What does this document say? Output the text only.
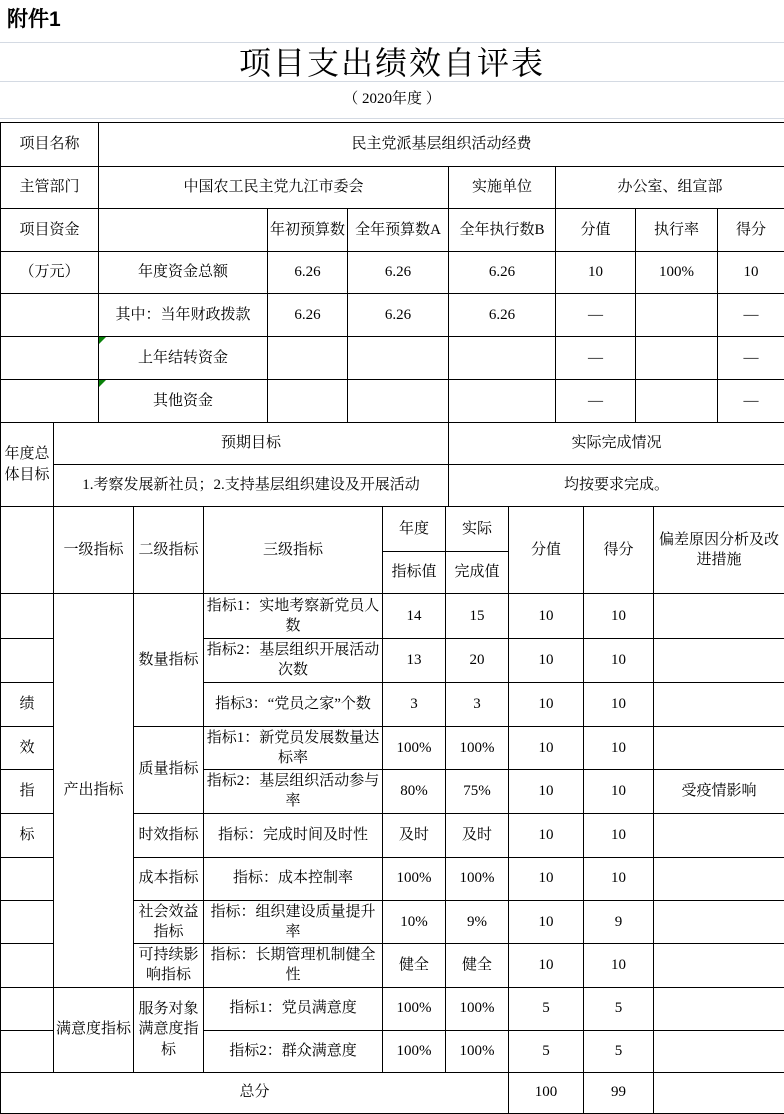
附件1
项目支出绩效自评表
（ 2020年度 ）
项目名称	民主党派基层组织活动经费						
主管部门	中国农工民主党九江市委会			实施单位	办公室、组宣部		
项目资金		年初预算数	全年预算数A	全年执行数B	分值	执行率	得分
（万元）	年度资金总额	6.26	6.26	6.26	10	100%	10
	其中：当年财政拨款	6.26	6.26	6.26	—		—

上年结转资金				—		—

其他资金				—		—
年度总体目标	预期目标	实际完成情况
	1.考察发展新社员；2.支持基层组织建设及开展活动	均按要求完成。
	一级指标	二级指标	三级指标	年度	实际	分值	得分	偏差原因分析及改进措施
				指标值	完成值			
	产出指标	数量指标	指标1：实地考察新党员人数	14	15	10	10	
			指标2：基层组织开展活动次数	13	20	10	10	
绩			指标3：“党员之家”个数	3	3	10	10	
效		质量指标	指标1：新党员发展数量达标率	100%	100%	10	10	
指			指标2：基层组织活动参与率	80%	75%	10	10	受疫情影响
标		时效指标	指标：完成时间及时性	及时	及时	10	10	
		成本指标	指标：成本控制率	100%	100%	10	10	
		社会效益指标	指标：组织建设质量提升率	10%	9%	10	9	
		可持续影响指标	指标：长期管理机制健全性	健全	健全	10	10	
	满意度指标	服务对象满意度指标	指标1：党员满意度	100%	100%	5	5	
			指标2：群众满意度	100%	100%	5	5	
总分						100	99	
